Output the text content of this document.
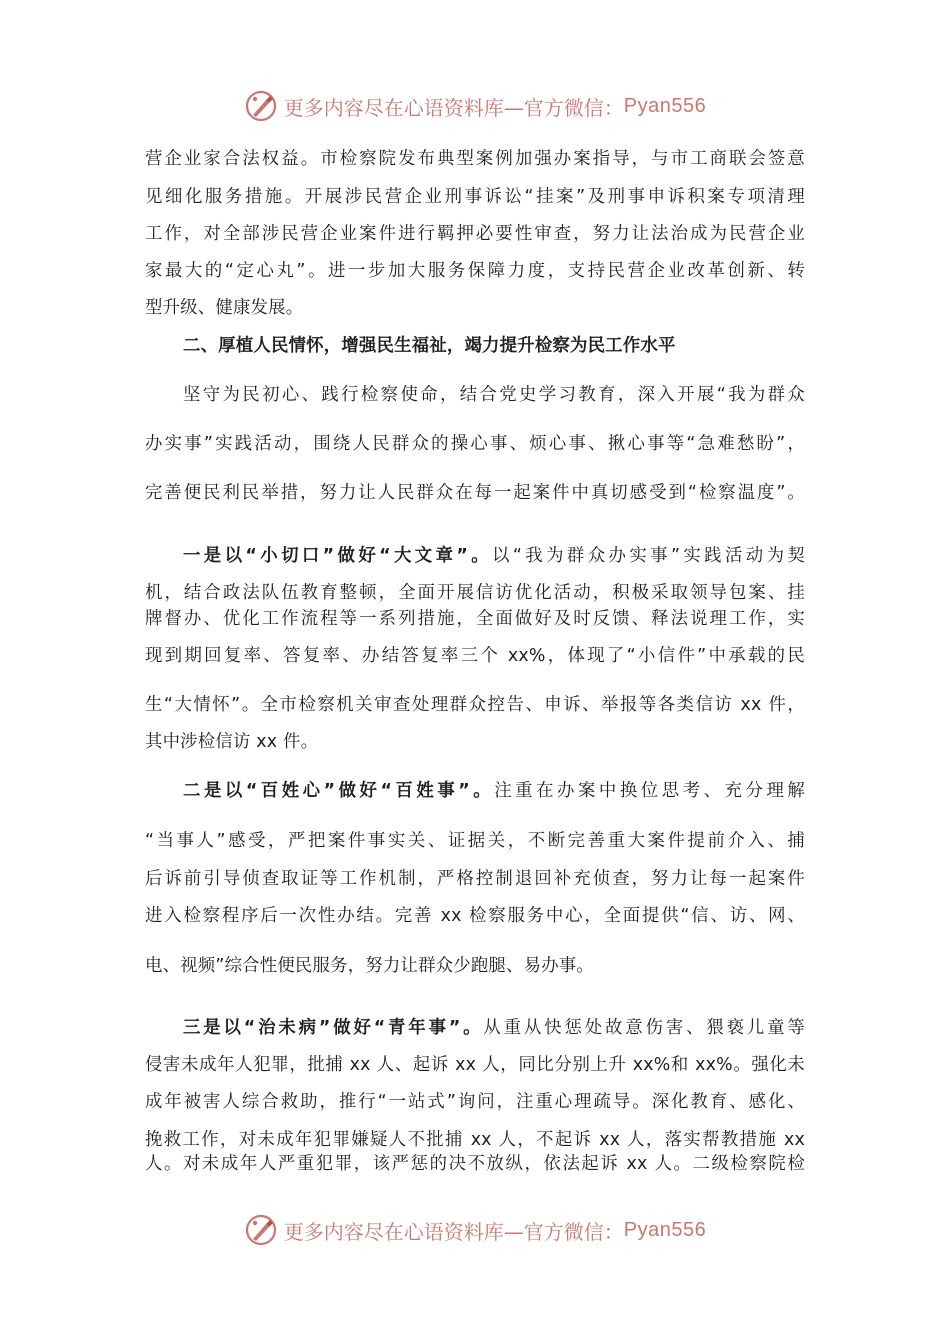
更多内容尽在心语资料库—官方微信： Pyan556
营企业家合法权益。市检察院发布典型案例加强办案指导，与市工商联会签意
见细化服务措施。开展涉民营企业刑事诉讼“挂案”及刑事申诉积案专项清理
工作，对全部涉民营企业案件进行羁押必要性审查，努力让法治成为民营企业
家最大的“定心丸”。进一步加大服务保障力度，支持民营企业改革创新、转
型升级、健康发展。
二、厚植人民情怀，增强民生福祉，竭力提升检察为民工作水平
坚守为民初心、践行检察使命，结合党史学习教育，深入开展“我为群众
办实事”实践活动，围绕人民群众的操心事、烦心事、揪心事等“急难愁盼”，
完善便民利民举措，努力让人民群众在每一起案件中真切感受到“检察温度”。
一是以“小切口”做好“大文章”。以“我为群众办实事”实践活动为契
机，结合政法队伍教育整顿，全面开展信访优化活动，积极采取领导包案、挂
牌督办、优化工作流程等一系列措施，全面做好及时反馈、释法说理工作，实
现到期回复率、答复率、办结答复率三个 xx%，体现了“小信件”中承载的民
生“大情怀”。全市检察机关审查处理群众控告、申诉、举报等各类信访 xx 件，
其中涉检信访 xx 件。
二是以“百姓心”做好“百姓事”。注重在办案中换位思考、充分理解
“当事人”感受，严把案件事实关、证据关，不断完善重大案件提前介入、捕
后诉前引导侦查取证等工作机制，严格控制退回补充侦查，努力让每一起案件
进入检察程序后一次性办结。完善 xx 检察服务中心，全面提供“信、访、网、
电、视频”综合性便民服务，努力让群众少跑腿、易办事。
三是以“治未病”做好“青年事”。从重从快惩处故意伤害、猥亵儿童等
侵害未成年人犯罪，批捕 xx 人、起诉 xx 人，同比分别上升 xx%和 xx%。强化未
成年被害人综合救助，推行“一站式”询问，注重心理疏导。深化教育、感化、
挽救工作，对未成年犯罪嫌疑人不批捕 xx 人，不起诉 xx 人，落实帮教措施 xx
人。对未成年人严重犯罪，该严惩的决不放纵，依法起诉 xx 人。二级检察院检
更多内容尽在心语资料库—官方微信： Pyan556
